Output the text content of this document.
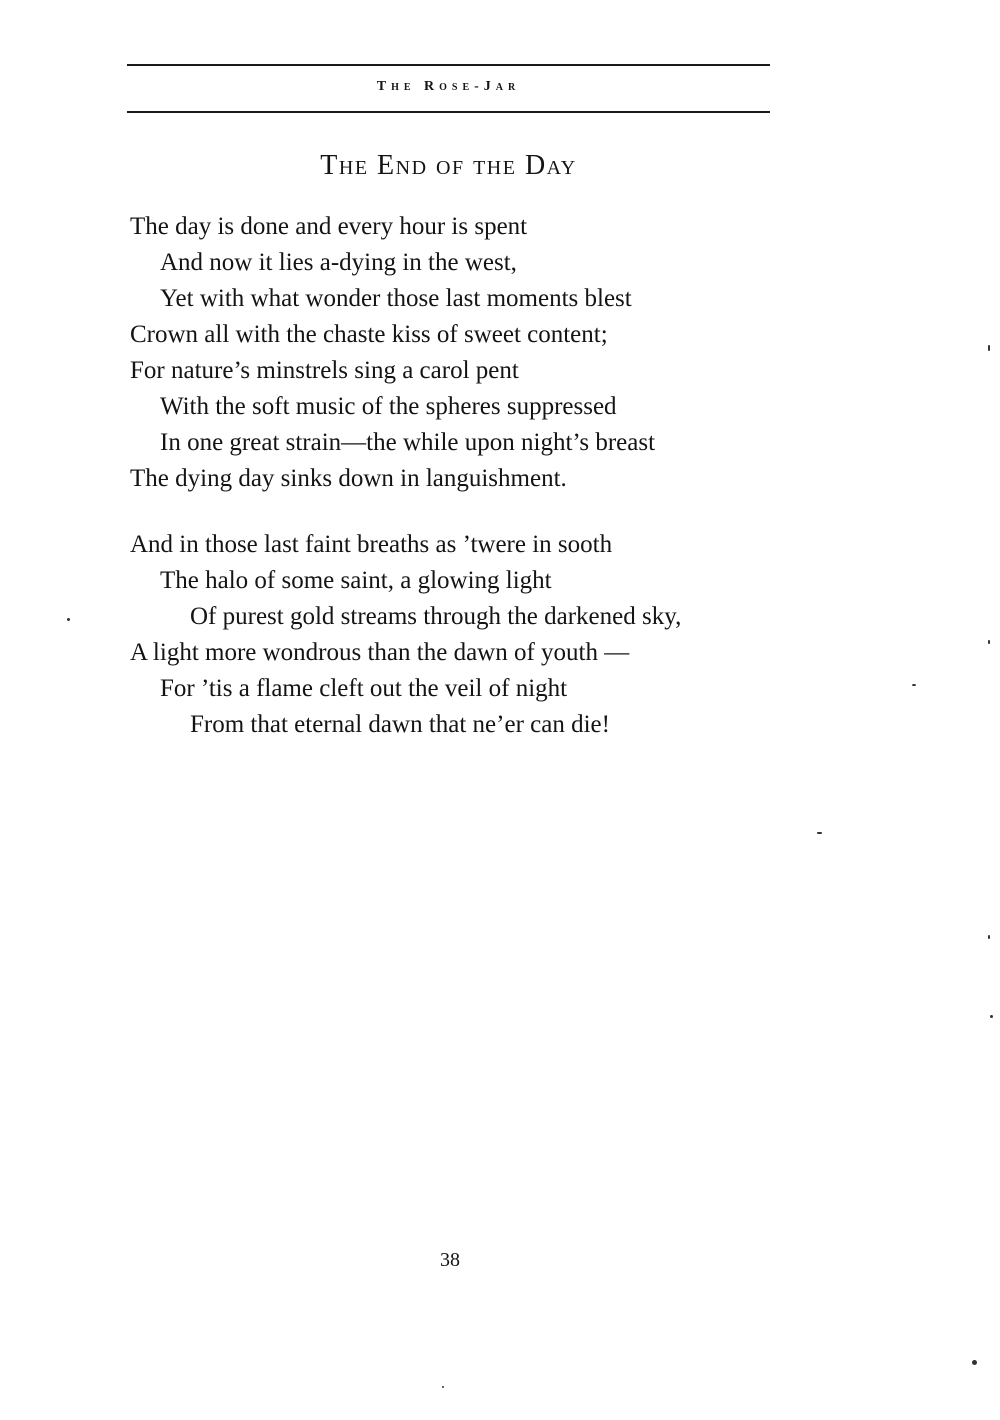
The Rose-Jar
The End of the Day
The day is done and every hour is spent
And now it lies a-dying in the west,
Yet with what wonder those last moments blest
Crown all with the chaste kiss of sweet content;
For nature’s minstrels sing a carol pent
With the soft music of the spheres suppressed
In one great strain—the while upon night’s breast
The dying day sinks down in languishment.
And in those last faint breaths as ’twere in sooth
The halo of some saint, a glowing light
Of purest gold streams through the darkened sky,
A light more wondrous than the dawn of youth —
For ’tis a flame cleft out the veil of night
From that eternal dawn that ne’er can die!
38
